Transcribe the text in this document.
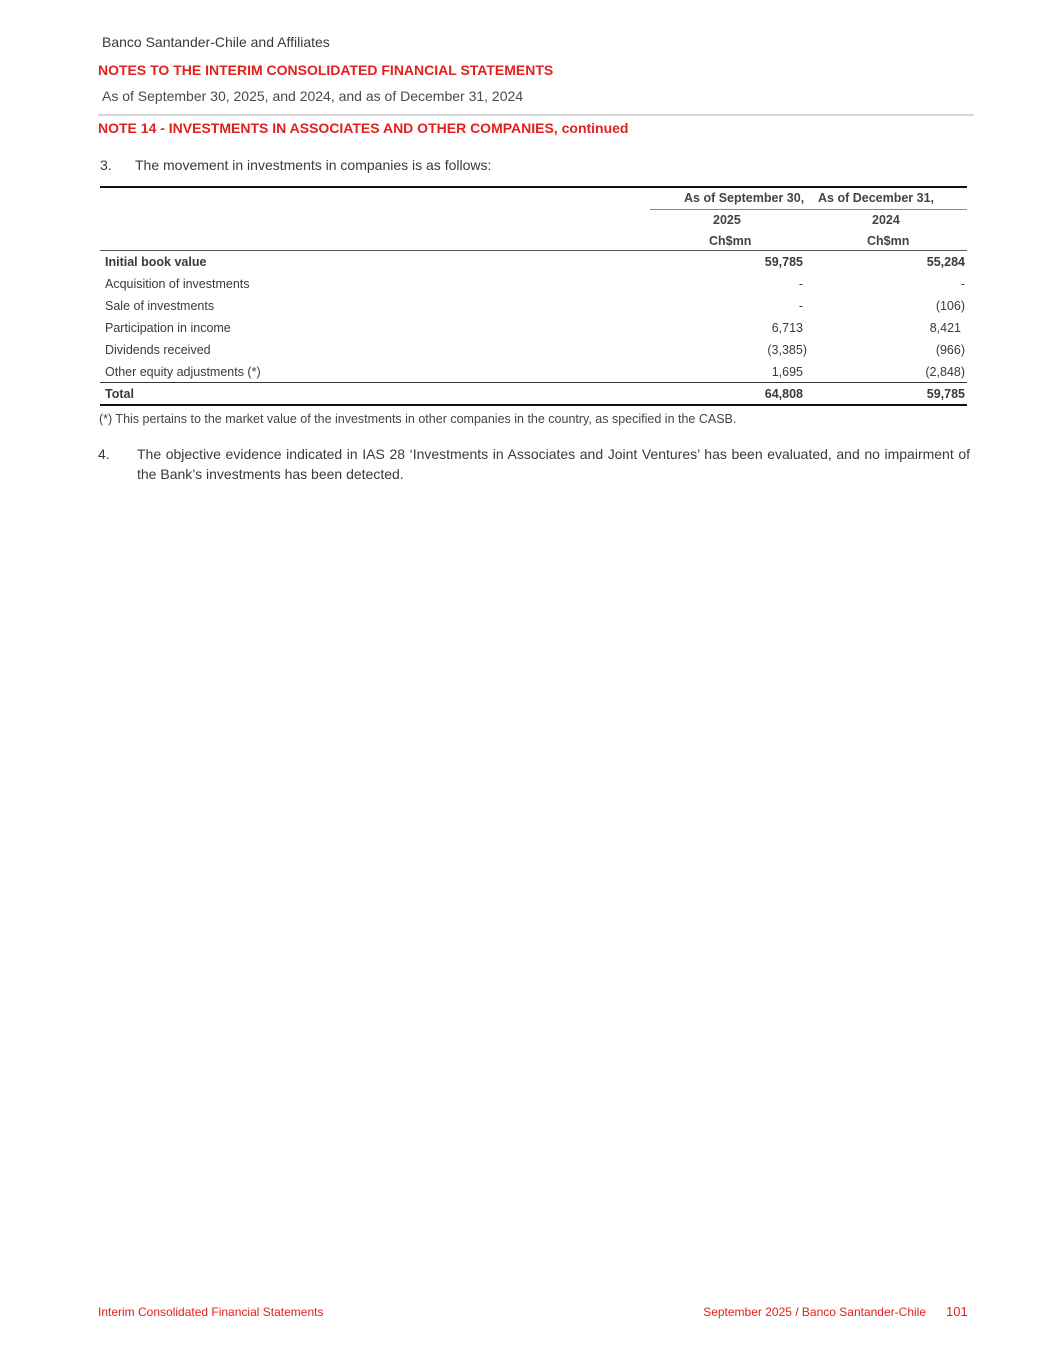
Banco Santander-Chile and Affiliates
NOTES TO THE INTERIM CONSOLIDATED FINANCIAL STATEMENTS
As of September 30, 2025, and 2024, and as of December 31, 2024
NOTE 14 - INVESTMENTS IN ASSOCIATES AND OTHER COMPANIES, continued
3. The movement in investments in companies is as follows:
As of September 30, As of December 31,
2025	2024
Ch$mn	Ch$mn
Initial book value	59,785	55,284
Acquisition of investments	-	-
Sale of investments	-	(106)
Participation in income	6,713	8,421
Dividends received	(3,385)	(966)
Other equity adjustments (*)	1,695	(2,848)
Total	64,808	59,785
(*) This pertains to the market value of the investments in other companies in the country, as specified in the CASB.
4. The objective evidence indicated in IAS 28 ‘Investments in Associates and Joint Ventures’ has been evaluated, and no impairment of the Bank’s investments has been detected.
Interim Consolidated Financial Statements	September 2025 / Banco Santander-Chile 101
